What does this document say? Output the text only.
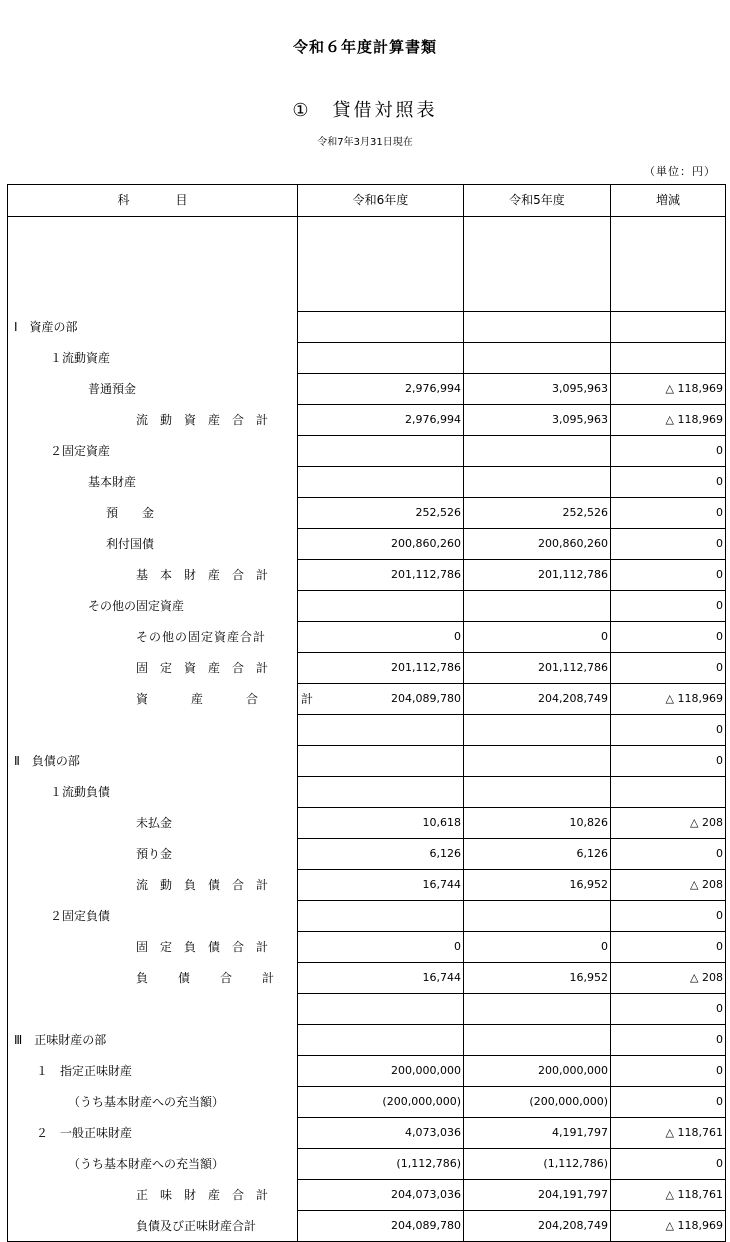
令和６年度計算書類
①　貸借対照表
令和7年3月31日現在
（単位：円）
科目	令和6年度	令和5年度	増減

Ⅰ　資産の部			

１流動資産			

普通預金	2,976,994	3,095,963	△ 118,969

流動資産合計	2,976,994	3,095,963	△ 118,969

２固定資産			0

基本財産			0

預　　金	252,526	252,526	0

利付国債	200,860,260	200,860,260	0

基本財産合計	201,112,786	201,112,786	0

その他の固定資産			0

その他の固定資産合計	0	0	0

固定資産合計	201,112,786	201,112,786	0

資産合計	204,089,780	204,208,749	△ 118,969

			0

Ⅱ　負債の部			0

１流動負債			

未払金	10,618	10,826	△ 208

預り金	6,126	6,126	0

流動負債合計	16,744	16,952	△ 208

２固定負債			0

固定負債合計	0	0	0

負債合計	16,744	16,952	△ 208

			0

Ⅲ　正味財産の部			0

１　指定正味財産	200,000,000	200,000,000	0

（うち基本財産への充当額）	(200,000,000)	(200,000,000)	0

２　一般正味財産	4,073,036	4,191,797	△ 118,761

（うち基本財産への充当額）	(1,112,786)	(1,112,786)	0

正味財産合計	204,073,036	204,191,797	△ 118,761

負債及び正味財産合計	204,089,780	204,208,749	△ 118,969
